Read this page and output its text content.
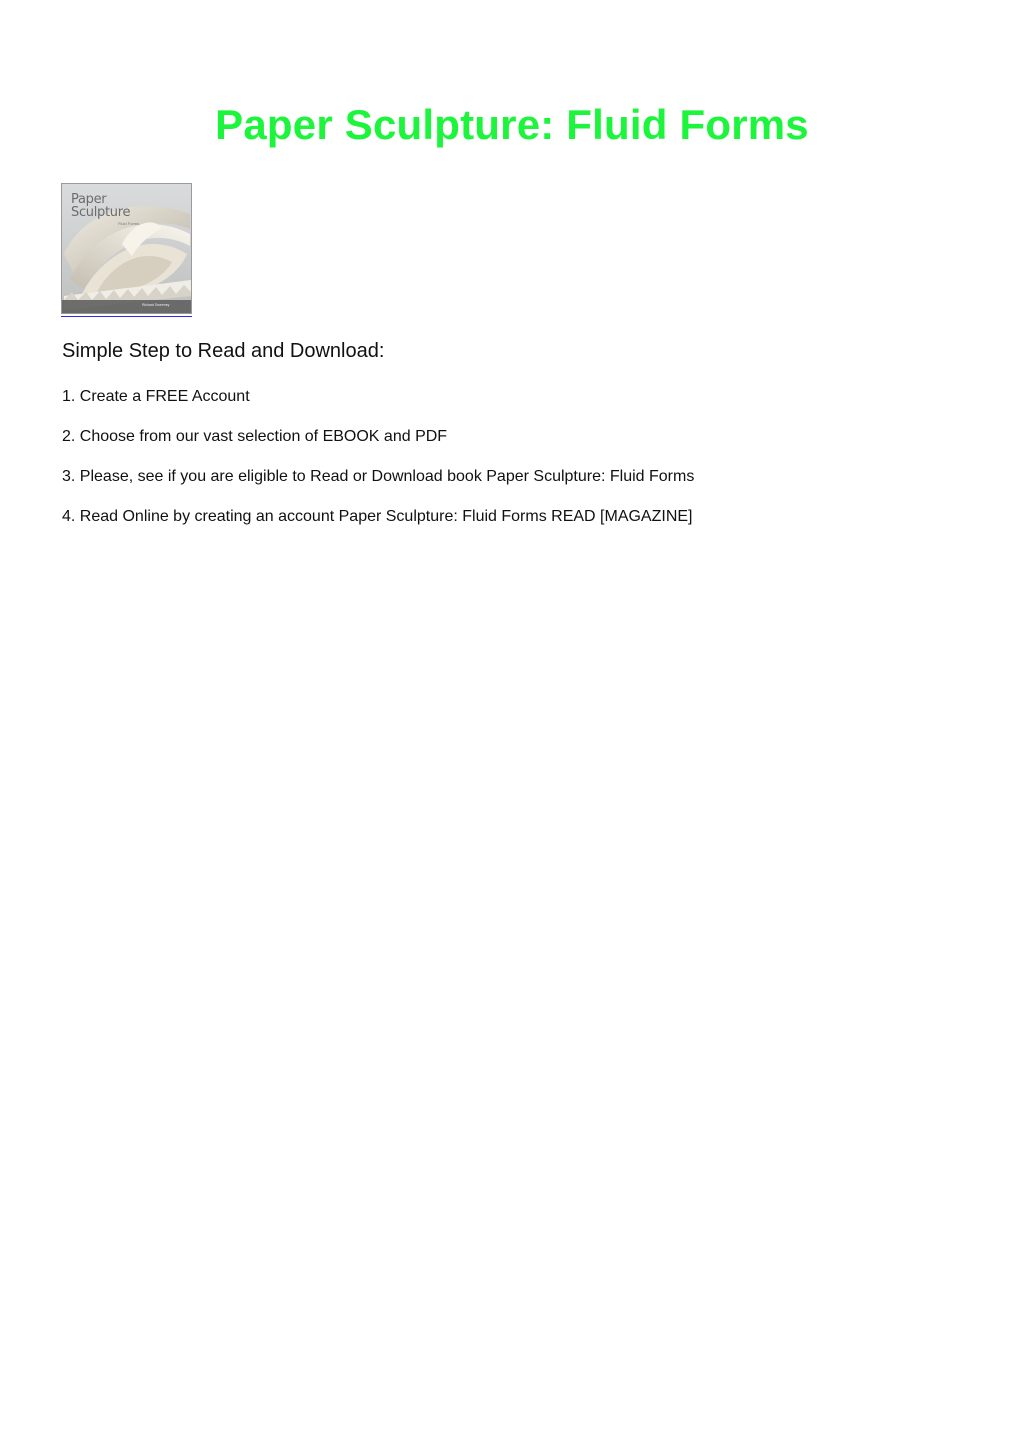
Paper Sculpture: Fluid Forms
Paper
Sculpture
Fluid Forms
Richard Sweeney
Simple Step to Read and Download:
1. Create a FREE Account
2. Choose from our vast selection of EBOOK and PDF
3. Please, see if you are eligible to Read or Download book Paper Sculpture: Fluid Forms
4. Read Online by creating an account Paper Sculpture: Fluid Forms READ [MAGAZINE]
